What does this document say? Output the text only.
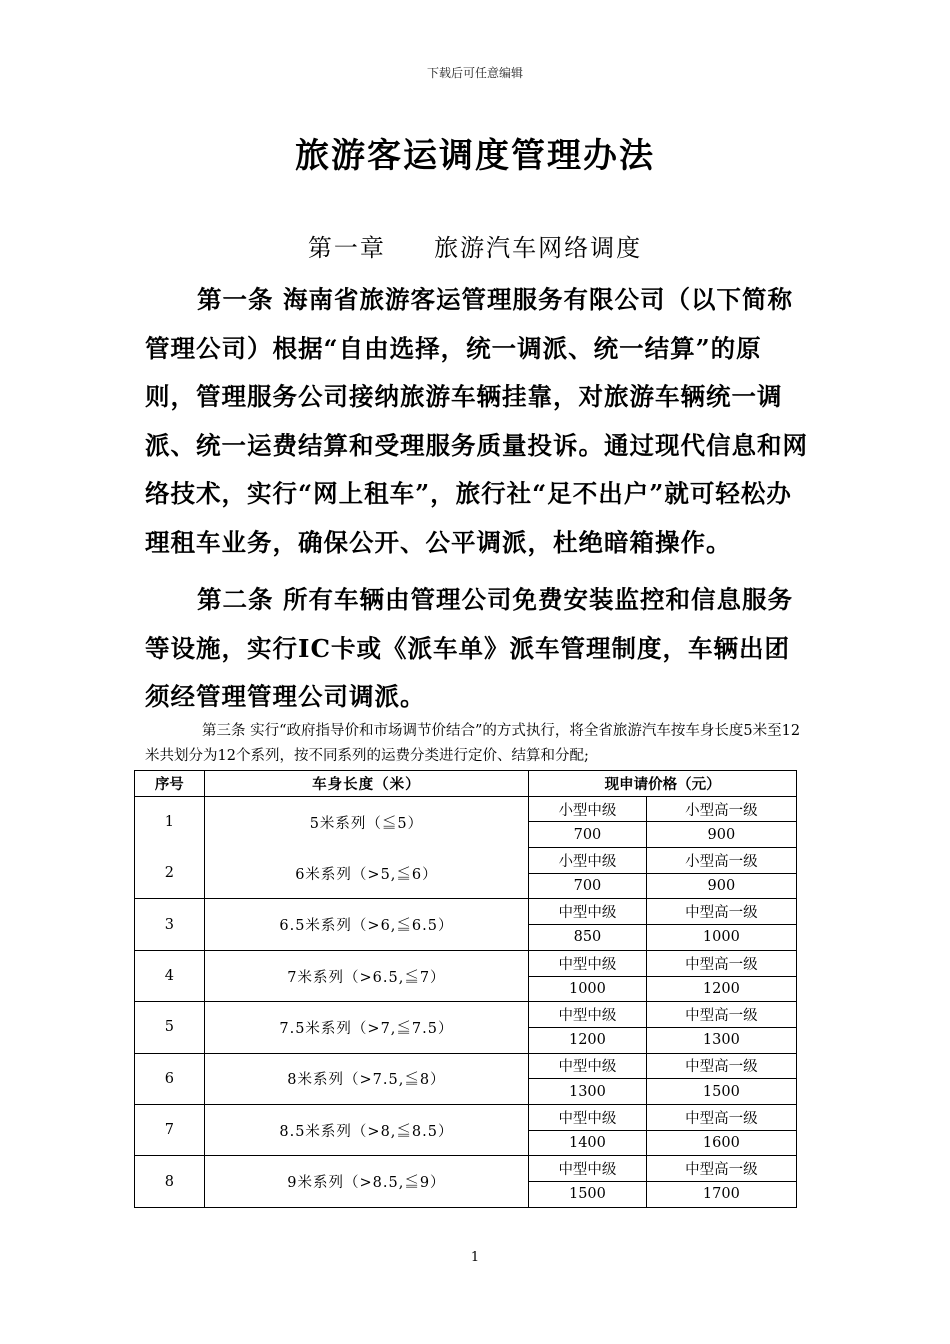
下载后可任意编辑
旅游客运调度管理办法
第一章     旅游汽车网络调度
第一条 海南省旅游客运管理服务有限公司（以下简称管理公司）根据“自由选择，统一调派、统一结算”的原则，管理服务公司接纳旅游车辆挂靠，对旅游车辆统一调派、统一运费结算和受理服务质量投诉。通过现代信息和网络技术，实行“网上租车”，旅行社“足不出户”就可轻松办理租车业务，确保公开、公平调派，杜绝暗箱操作。
第二条 所有车辆由管理公司免费安装监控和信息服务等设施，实行IC卡或《派车单》派车管理制度，车辆出团须经管理管理公司调派。
第三条 实行“政府指导价和市场调节价结合”的方式执行，将全省旅游汽车按车身长度5米至12米共划分为12个系列，按不同系列的运费分类进行定价、结算和分配;
序号	车身长度（米）	现申请价格（元）	
1	5米系列（≦5）	小型中级	小型高一级
		700	900
2	6米系列（>5,≦6）	小型中级	小型高一级
		700	900
3	6.5米系列（>6,≦6.5）	中型中级	中型高一级
		850	1000
4	7米系列（>6.5,≦7）	中型中级	中型高一级
		1000	1200
5	7.5米系列（>7,≦7.5）	中型中级	中型高一级
		1200	1300
6	8米系列（>7.5,≦8）	中型中级	中型高一级
		1300	1500
7	8.5米系列（>8,≦8.5）	中型中级	中型高一级
		1400	1600
8	9米系列（>8.5,≦9）	中型中级	中型高一级
		1500	1700
1
